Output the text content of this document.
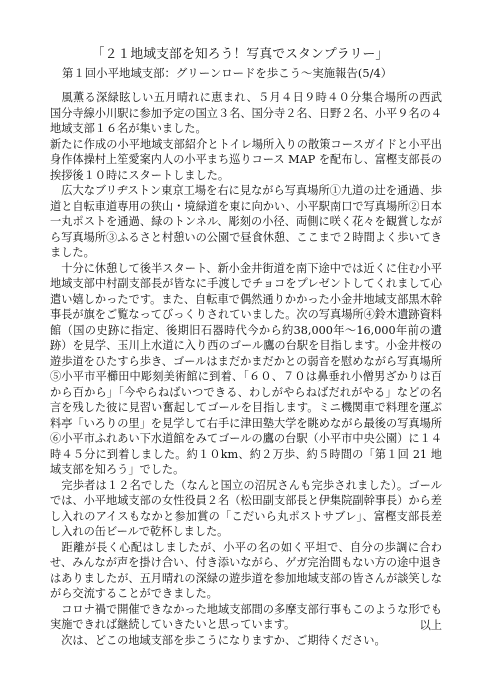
「２１地域支部を知ろう！写真でスタンプラリー」
第１回小平地域支部：グリーンロードを歩こう～実施報告(5/4）

　風薫る深緑眩しい五月晴れに恵まれ、５月４日９時４０分集合場所の西武国分寺線小川駅に参加予定の国立３名、国分寺２名、日野２名、小平９名の４地域支部１６名が集いました。

新たに作成の小平地域支部紹介とトイレ場所入りの散策コースガイドと小平出身作体操村上笙愛案内人の小平まち巡りコース MAP を配布し、富樫支部長の挨拶後１０時にスタートしました。

　広大なブリヂストン東京工場を右に見ながら写真場所①九道の辻を通過、歩道と自転車道専用の狭山・境緑道を東に向かい、小平駅南口で写真場所②日本一丸ポストを通過、緑のトンネル、彫刻の小径、両側に咲く花々を観賞しながら写真場所③ふるさと村憩いの公園で昼食休憩、ここまで２時間よく歩いてきました。

　十分に休憩して後半スタート、新小金井街道を南下途中では近くに住む小平地域支部中村副支部長が皆なに手渡しでチョコをプレゼントしてくれまして心遣い嬉しかったです。また、自転車で偶然通りかかった小金井地域支部黒木幹事長が旗をご覧なってびっくりされていました。次の写真場所④鈴木遺跡資料館（国の史跡に指定、後期旧石器時代今から約38,000年～16,000年前の遺跡）を見学、玉川上水道に入り西のゴール鷹の台駅を目指します。小金井桜の遊歩道をひたすら歩き、ゴールはまだかまだかとの弱音を慰めながら写真場所⑤小平市平櫛田中彫刻美術館に到着、「６０、７０は鼻垂れ小僧男ざかりは百から百から」「今やらねばいつできる、わしがやらねばだれがやる」などの名言を残した彼に見習い奮起してゴールを目指します。ミニ機関車で料理を運ぶ料亭「いろりの里」を見学して右手に津田塾大学を眺めながら最後の写真場所⑥小平市ふれあい下水道館をみてゴールの鷹の台駅（小平市中央公園）に１４時４５分に到着しました。約１０km、約２万歩、約５時間の「第１回 21 地域支部を知ろう」でした。

　完歩者は１２名でした（なんと国立の沼尻さんも完歩されました）。ゴールでは、小平地域支部の女性役員２名（松田副支部長と伊集院副幹事長）から差し入れのアイスもなかと参加賞の「こだいら丸ポストサブレ」、富樫支部長差し入れの缶ビールで乾杯しました。

　距離が長く心配はしましたが、小平の名の如く平坦で、自分の歩調に合わせ、みんなが声を掛け合い、付き添いながら、ゲガ完治間もない方の途中退きはありましたが、五月晴れの深緑の遊歩道を参加地域支部の皆さんが談笑しながら交流することができました。

　コロナ禍で開催できなかった地域支部間の多摩支部行事もこのような形でも実施できれば継続していきたいと思っています。

　次は、どこの地域支部を歩こうになりますか、ご期待ください。

以上
